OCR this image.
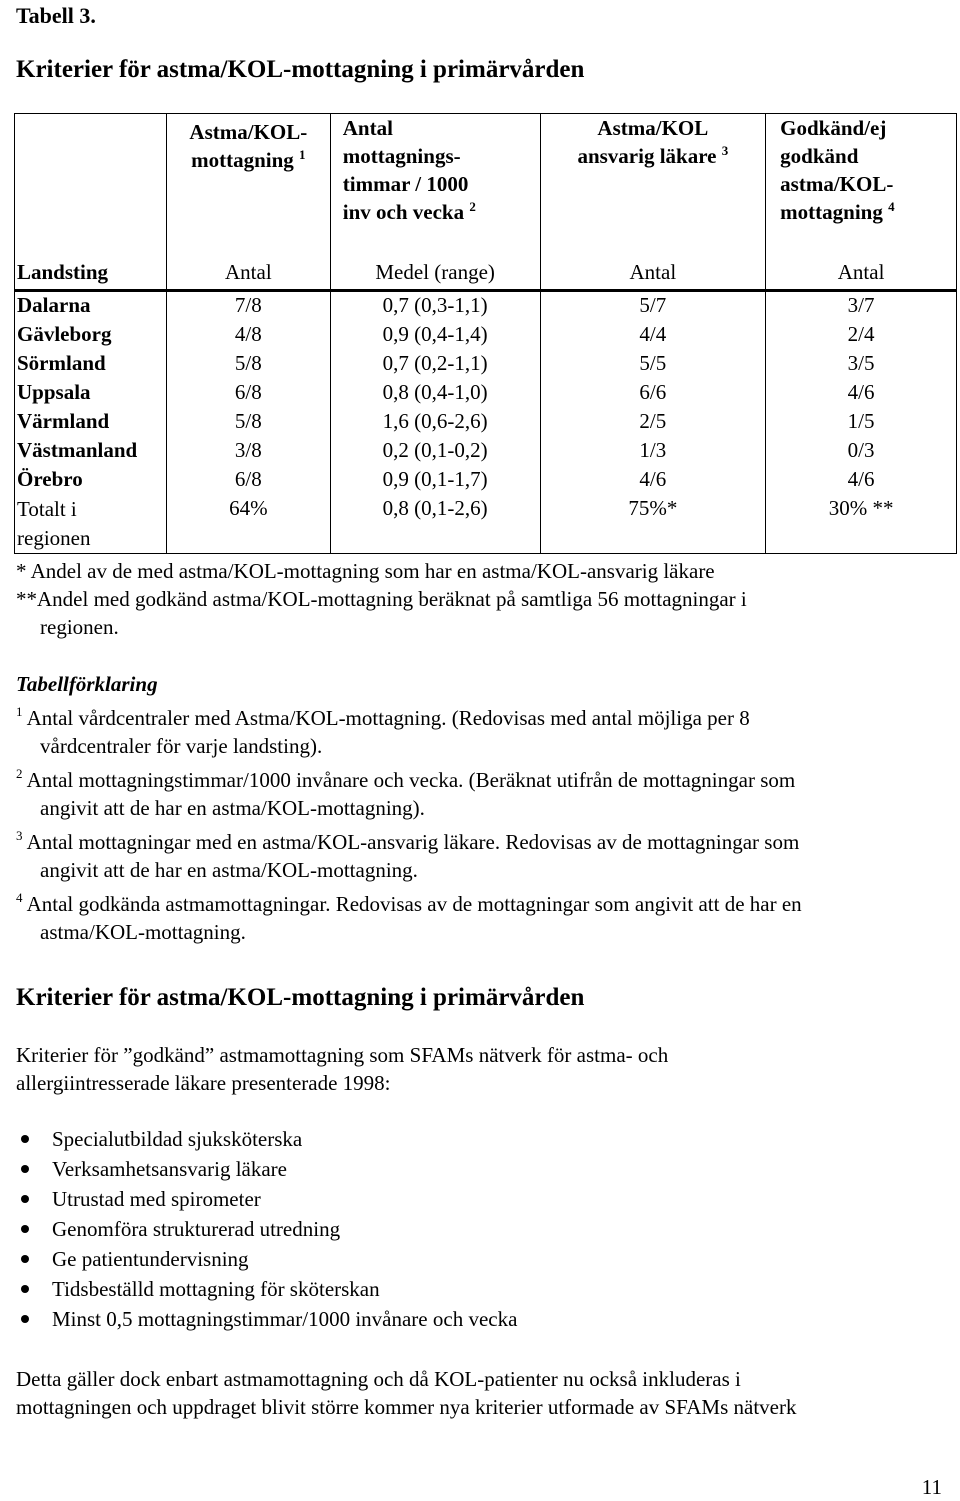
Tabell 3.
Kriterier för astma/KOL-mottagning i primärvården
	Astma/KOL-
mottagning $^1$	Antal
mottagnings-
timmar / 1000
inv och vecka $^2$	Astma/KOL
ansvarig läkare $^3$	Godkänd/ej
godkänd
astma/KOL-
mottagning $^4$
Landsting	Antal	Medel (range)	Antal	Antal
Dalarna	7/8	0,7 (0,3-1,1)	5/7	3/7
Gävleborg	4/8	0,9 (0,4-1,4)	4/4	2/4
Sörmland	5/8	0,7 (0,2-1,1)	5/5	3/5
Uppsala	6/8	0,8 (0,4-1,0)	6/6	4/6
Värmland	5/8	1,6 (0,6-2,6)	2/5	1/5
Västmanland	3/8	0,2 (0,1-0,2)	1/3	0/3
Örebro	6/8	0,9 (0,1-1,7)	4/6	4/6
Totalt i
regionen	64%	0,8 (0,1-2,6)	75%*	30% **
* Andel av de med astma/KOL-mottagning som har en astma/KOL-ansvarig läkare
**Andel med godkänd astma/KOL-mottagning beräknat på samtliga 56 mottagningar i
regionen.
Tabellförklaring
$^1$ Antal vårdcentraler med Astma/KOL-mottagning. (Redovisas med antal möjliga per 8
vårdcentraler för varje landsting).
$^2$ Antal mottagningstimmar/1000 invånare och vecka. (Beräknat utifrån de mottagningar som
angivit att de har en astma/KOL-mottagning).
$^3$ Antal mottagningar med en astma/KOL-ansvarig läkare. Redovisas av de mottagningar som
angivit att de har en astma/KOL-mottagning.
$^4$ Antal godkända astmamottagningar. Redovisas av de mottagningar som angivit att de har en
astma/KOL-mottagning.
Kriterier för astma/KOL-mottagning i primärvården
Kriterier för ”godkänd” astmamottagning som SFAMs nätverk för astma- och
allergiintresserade läkare presenterade 1998:
Specialutbildad sjuksköterska
Verksamhetsansvarig läkare
Utrustad med spirometer
Genomföra strukturerad utredning
Ge patientundervisning
Tidsbeställd mottagning för sköterskan
Minst 0,5 mottagningstimmar/1000 invånare och vecka
Detta gäller dock enbart astmamottagning och då KOL-patienter nu också inkluderas i
mottagningen och uppdraget blivit större kommer nya kriterier utformade av SFAMs nätverk
11
